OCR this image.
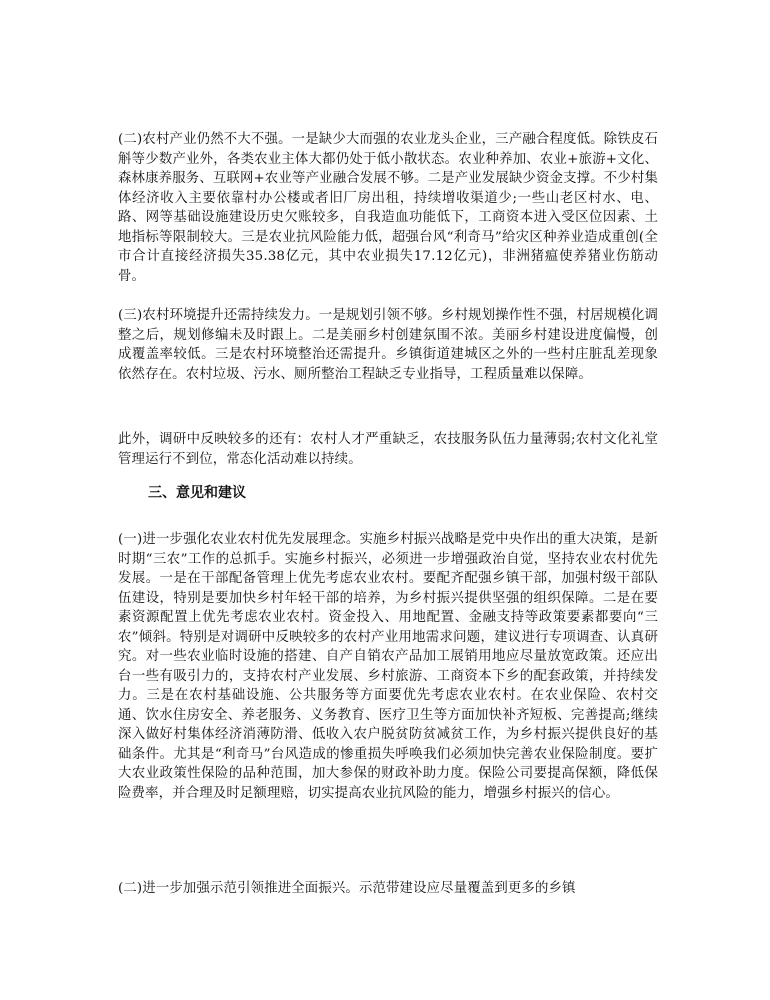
(二)农村产业仍然不大不强。一是缺少大而强的农业龙头企业，三产融合程度低。除铁皮石斛等少数产业外，各类农业主体大都仍处于低小散状态。农业种养加、农业+旅游+文化、森林康养服务、互联网+农业等产业融合发展不够。二是产业发展缺少资金支撑。不少村集体经济收入主要依靠村办公楼或者旧厂房出租，持续增收渠道少;一些山老区村水、电、路、网等基础设施建设历史欠账较多，自我造血功能低下，工商资本进入受区位因素、土地指标等限制较大。三是农业抗风险能力低，超强台风“利奇马”给灾区种养业造成重创(全市合计直接经济损失35.38亿元，其中农业损失17.12亿元)，非洲猪瘟使养猪业伤筋动骨。

(三)农村环境提升还需持续发力。一是规划引领不够。乡村规划操作性不强，村居规模化调整之后，规划修编未及时跟上。二是美丽乡村创建氛围不浓。美丽乡村建设进度偏慢，创成覆盖率较低。三是农村环境整治还需提升。乡镇街道建城区之外的一些村庄脏乱差现象依然存在。农村垃圾、污水、厕所整治工程缺乏专业指导，工程质量难以保障。

此外，调研中反映较多的还有：农村人才严重缺乏，农技服务队伍力量薄弱;农村文化礼堂管理运行不到位，常态化活动难以持续。

三、意见和建议

(一)进一步强化农业农村优先发展理念。实施乡村振兴战略是党中央作出的重大决策，是新时期“三农”工作的总抓手。实施乡村振兴，必须进一步增强政治自觉，坚持农业农村优先发展。一是在干部配备管理上优先考虑农业农村。要配齐配强乡镇干部，加强村级干部队伍建设，特别是要加快乡村年轻干部的培养，为乡村振兴提供坚强的组织保障。二是在要素资源配置上优先考虑农业农村。资金投入、用地配置、金融支持等政策要素都要向“三农”倾斜。特别是对调研中反映较多的农村产业用地需求问题，建议进行专项调查、认真研究。对一些农业临时设施的搭建、自产自销农产品加工展销用地应尽量放宽政策。还应出台一些有吸引力的，支持农村产业发展、乡村旅游、工商资本下乡的配套政策，并持续发力。三是在农村基础设施、公共服务等方面要优先考虑农业农村。在农业保险、农村交通、饮水住房安全、养老服务、义务教育、医疗卫生等方面加快补齐短板、完善提高;继续深入做好村集体经济消薄防滑、低收入农户脱贫防贫减贫工作，为乡村振兴提供良好的基础条件。尤其是“利奇马”台风造成的惨重损失呼唤我们必须加快完善农业保险制度。要扩大农业政策性保险的品种范围，加大参保的财政补助力度。保险公司要提高保额，降低保险费率，并合理及时足额理赔，切实提高农业抗风险的能力，增强乡村振兴的信心。

(二)进一步加强示范引领推进全面振兴。示范带建设应尽量覆盖到更多的乡镇
